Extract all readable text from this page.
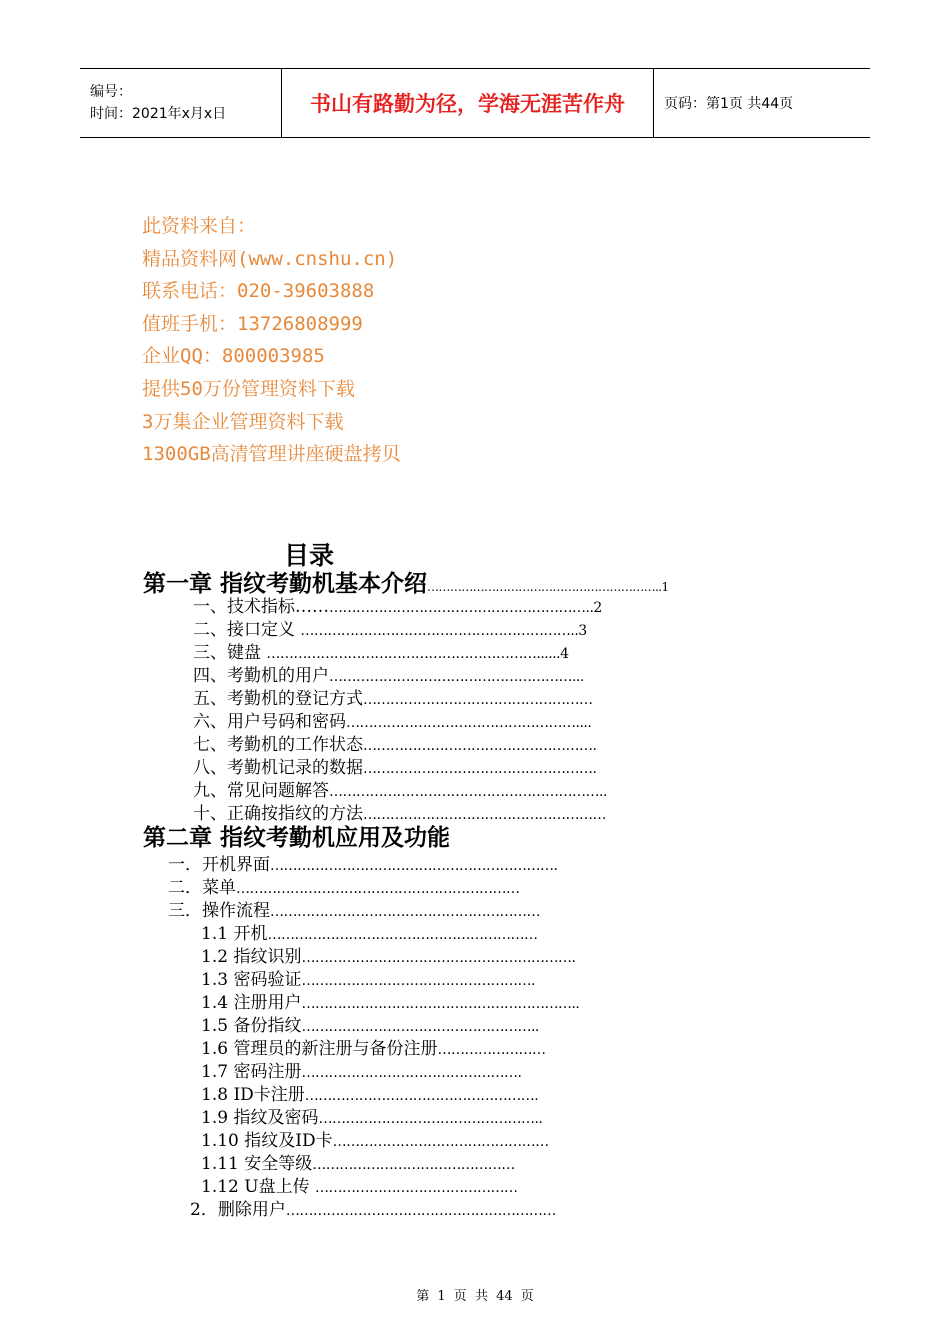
编号：
时间：2021年x月x日	书山有路勤为径，学海无涯苦作舟	页码：第1页 共44页
此资料来自：
精品资料网(www.cnshu.cn)
联系电话：020-39603888
值班手机：13726808999
企业QQ：800003985
提供50万份管理资料下载
3万集企业管理资料下载
1300GB高清管理讲座硬盘拷贝
目录
第一章 指纹考勤机基本介绍……………………………………………………..1
一、技术指标………………………………………………………..2
二、接口定义 ……………………………………………………..3
三、键盘 ……………………………………………………......4
四、考勤机的用户………………………………………………...
五、考勤机的登记方式……………………………………………
六、用户号码和密码……………………………………………....
七、考勤机的工作状态…………………………………………….
八、考勤机记录的数据…………………………………………….
九、常见问题解答……………………………………………………..
十、正确按指纹的方法………………………………………………
第二章 指纹考勤机应用及功能
一．开机界面……………………………………………………….
二．菜单………………………………………………………
三．操作流程……………………………………………………
1.1 开机……………………………………………………
1.2 指纹识别…………………………………………………….
1.3 密码验证…………………………………………….
1.4 注册用户……………………………………………………..
1.5 备份指纹……………………………………………..
1.6 管理员的新注册与备份注册……………………
1.7 密码注册………………………………………….
1.8 ID卡注册…………………………………………….
1.9 指纹及密码…………………………………………..
1.10 指纹及ID卡…………………………………………
1.11 安全等级………………………………………
1.12 U盘上传 ………………………………………
2．删除用户……………………………………………………
第 1 页 共 44 页
